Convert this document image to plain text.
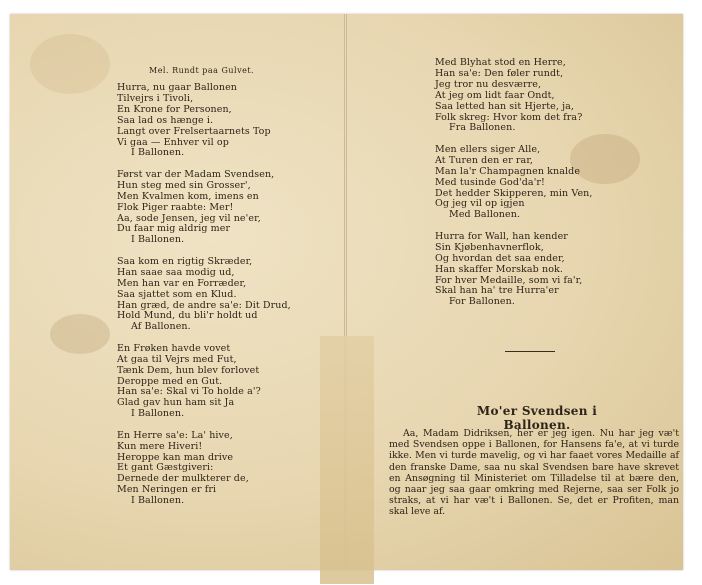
Mel. Rundt paa Gulvet.
Hurra, nu gaar Ballonen
Tilvejrs i Tivoli,
En Krone for Personen,
Saa lad os hænge i.
Langt over Frelsertaarnets Top
Vi gaa — Enhver vil op
I Ballonen.
Først var der Madam Svendsen,
Hun steg med sin Grosser',
Men Kvalmen kom, imens en
Flok Piger raabte: Mer!
Aa, sode Jensen, jeg vil ne'er,
Du faar mig aldrig mer
I Ballonen.
Saa kom en rigtig Skræder,
Han saae saa modig ud,
Men han var en Forræder,
Saa sjattet som en Klud.
Han græd, de andre sa'e: Dit Drud,
Hold Mund, du bli'r holdt ud
Af Ballonen.
En Frøken havde vovet
At gaa til Vejrs med Fut,
Tænk Dem, hun blev forlovet
Deroppe med en Gut.
Han sa'e: Skal vi To holde a'?
Glad gav hun ham sit Ja
I Ballonen.
En Herre sa'e: La' hive,
Kun mere Hiveri!
Heroppe kan man drive
Et gant Gæstgiveri:
Dernede der mulkterer de,
Men Neringen er fri
I Ballonen.
Med Blyhat stod en Herre,
Han sa'e: Den føler rundt,
Jeg tror nu desværre,
At jeg om lidt faar Ondt,
Saa letted han sit Hjerte, ja,
Folk skreg: Hvor kom det fra?
Fra Ballonen.
Men ellers siger Alle,
At Turen den er rar,
Man la'r Champagnen knalde
Med tusinde God'da'r!
Det hedder Skipperen, min Ven,
Og jeg vil op igjen
Med Ballonen.
Hurra for Wall, han kender
Sin Kjøbenhavnerflok,
Og hvordan det saa ender,
Han skaffer Morskab nok.
For hver Medaille, som vi fa'r,
Skal han ha' tre Hurra'er
For Ballonen.
Mo'er Svendsen i Ballonen.
Aa, Madam Didriksen, her er jeg igen. Nu har jeg væ't med Svendsen oppe i Ballonen, for Hansens fa'e, at vi turde ikke. Men vi turde mavelig, og vi har faaet vores Medaille af den franske Dame, saa nu skal Svendsen bare have skrevet en Ansøgning til Ministeriet om Tilladelse til at bære den, og naar jeg saa gaar omkring med Rejerne, saa ser Folk jo straks, at vi har væ't i Ballonen. Se, det er Profiten, man skal leve af.
